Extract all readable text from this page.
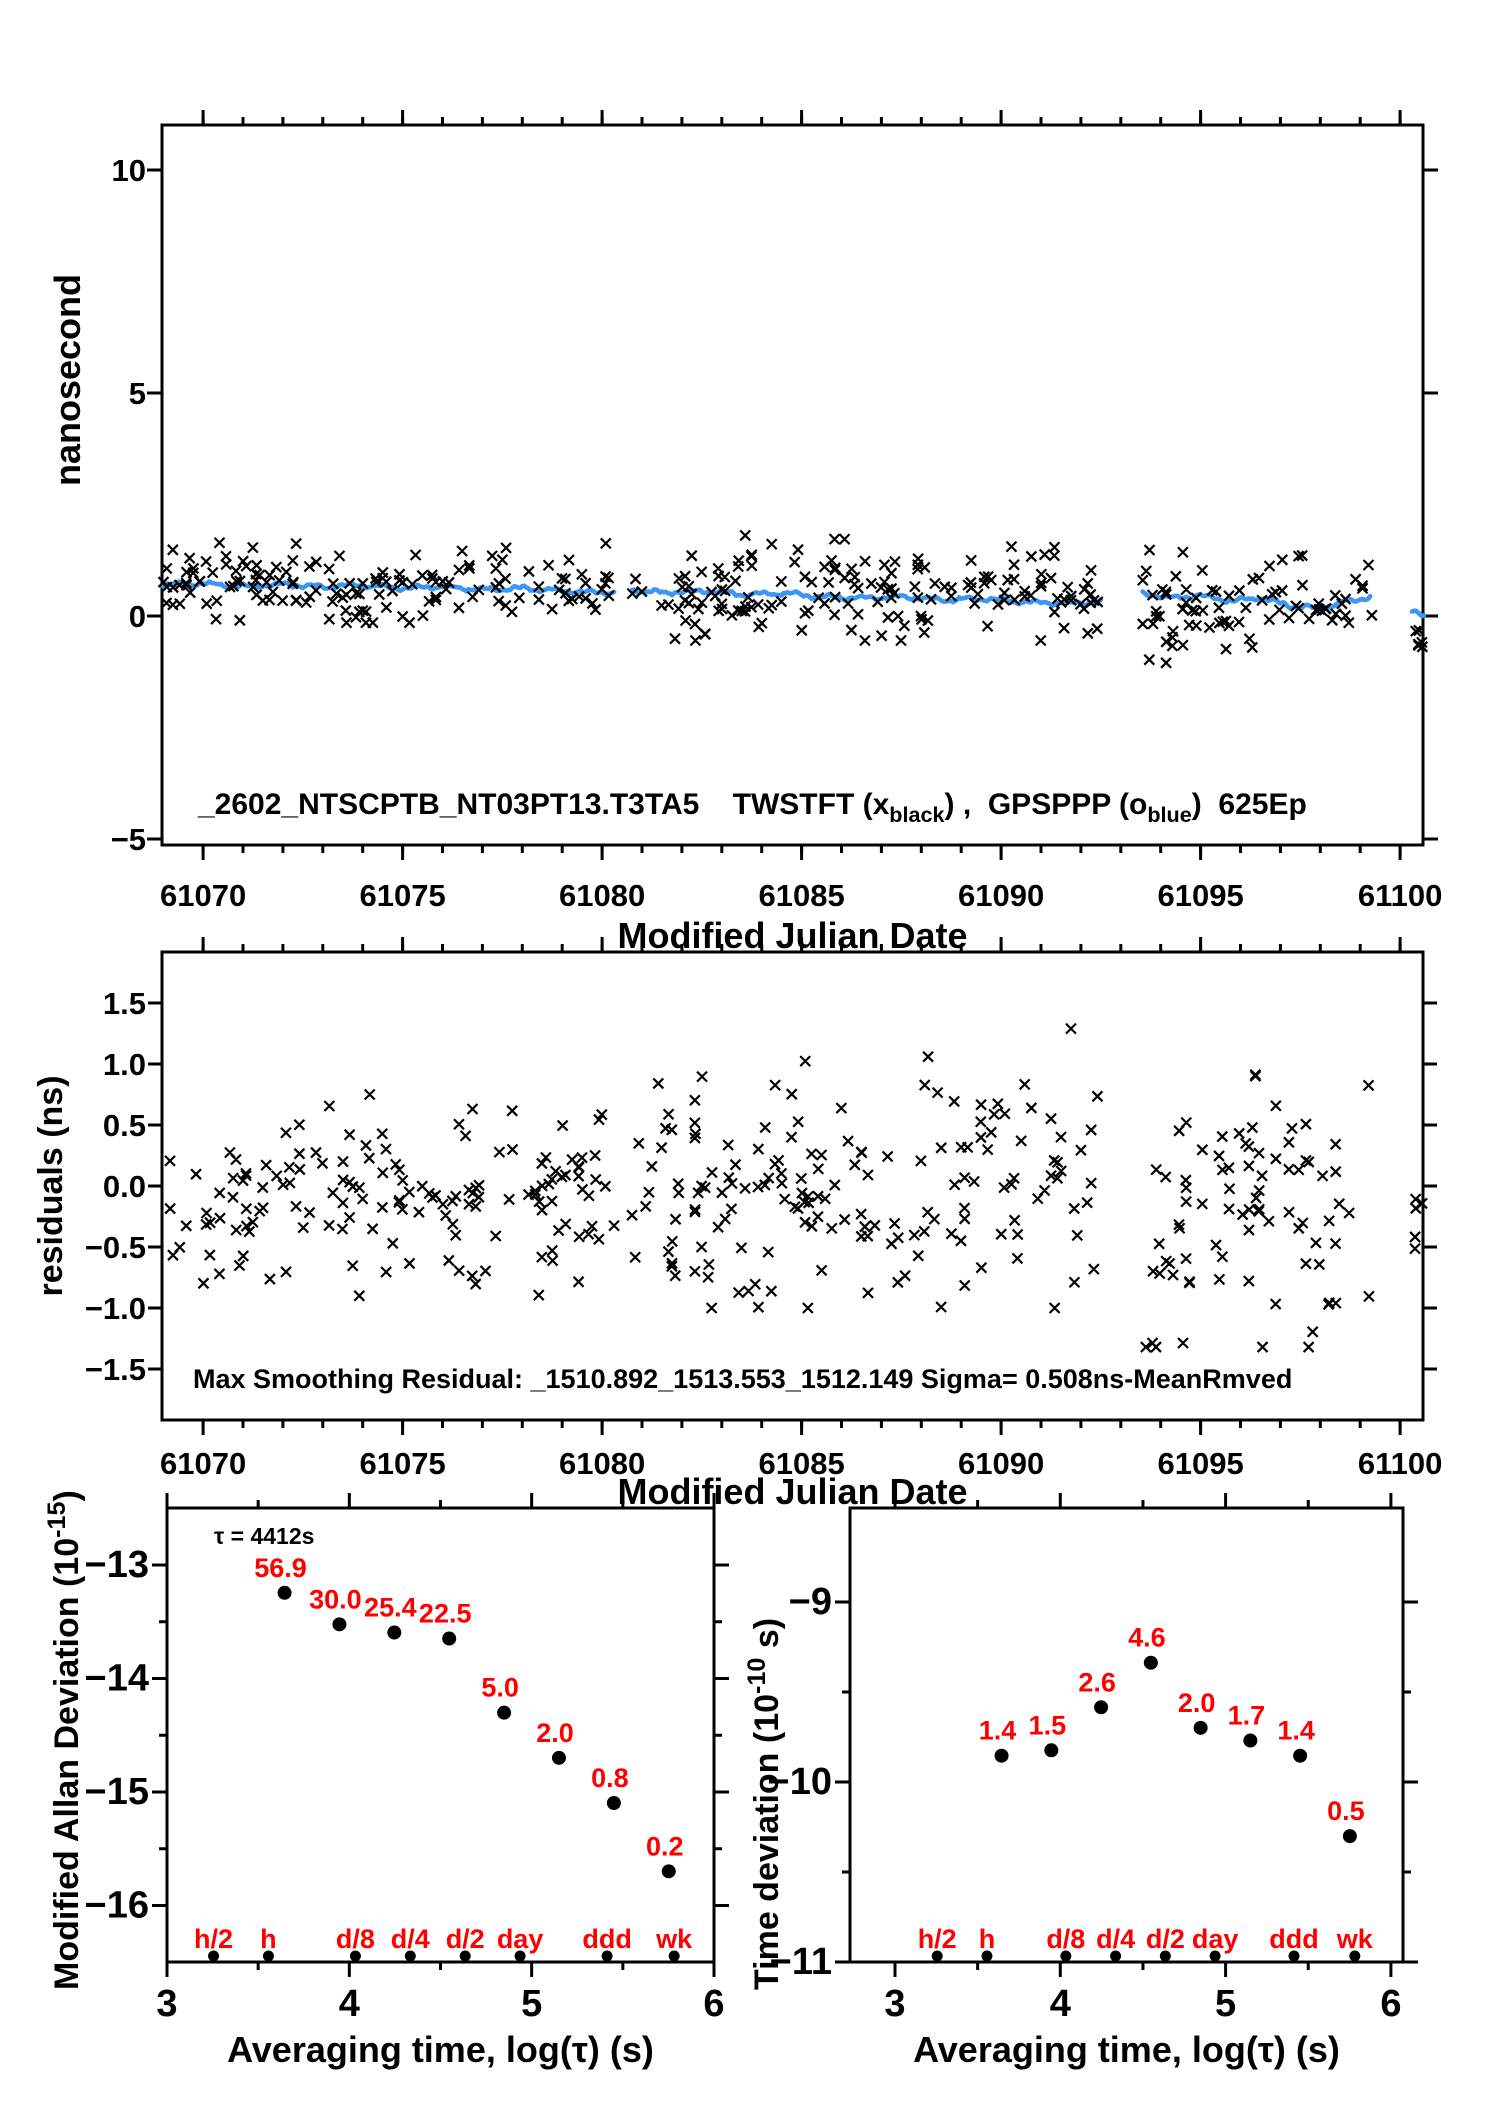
61070	61075	61080	61085	61090	61095	61100
−5
0
5
10
Modified Julian Date
nanosecond
_2602_NTSCPTB_NT03PT13.T3TA5    TWSTFT $(x_{black})$ ,  GPSPPP $(o_{blue})$  625Ep
61070	61075	61080	61085	61090	61095	61100
1.5
1.0
0.5
0.0
−0.5
−1.0
−1.5
Modified Julian Date
residuals (ns)
Max Smoothing Residual: _1510.892_1513.553_1512.149 Sigma= 0.508ns-MeanRmved
3	4	5	6
−13
−14
−15
−16
Averaging time, log(τ) (s)
Modified Allan Deviation $(10^{-15})$
τ = 4412s
h/2 h d/8 d/4 d/2 day ddd wk
56.9
30.0 25.4 22.5
5.0
2.0
0.8
0.2
3	4	5	6
−9
−10
−11
Averaging time, log(τ) (s)
Time deviation ($10^{-10}$ s)
h/2 h d/8 d/4 d/2 day ddd wk
1.4 1.5
2.6
4.6
2.0 1.7
1.4
0.5
